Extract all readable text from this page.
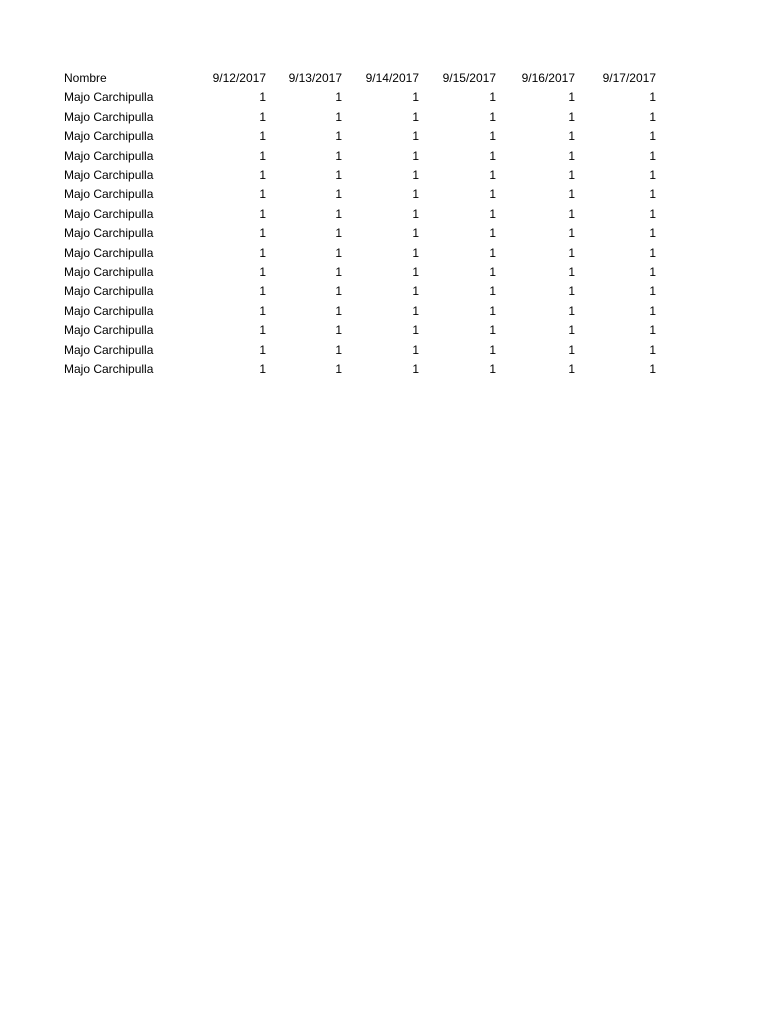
Nombre	9/12/2017	9/13/2017	9/14/2017	9/15/2017	9/16/2017	9/17/2017
Majo Carchipulla	1	1	1	1	1	1
Majo Carchipulla	1	1	1	1	1	1
Majo Carchipulla	1	1	1	1	1	1
Majo Carchipulla	1	1	1	1	1	1
Majo Carchipulla	1	1	1	1	1	1
Majo Carchipulla	1	1	1	1	1	1
Majo Carchipulla	1	1	1	1	1	1
Majo Carchipulla	1	1	1	1	1	1
Majo Carchipulla	1	1	1	1	1	1
Majo Carchipulla	1	1	1	1	1	1
Majo Carchipulla	1	1	1	1	1	1
Majo Carchipulla	1	1	1	1	1	1
Majo Carchipulla	1	1	1	1	1	1
Majo Carchipulla	1	1	1	1	1	1
Majo Carchipulla	1	1	1	1	1	1
